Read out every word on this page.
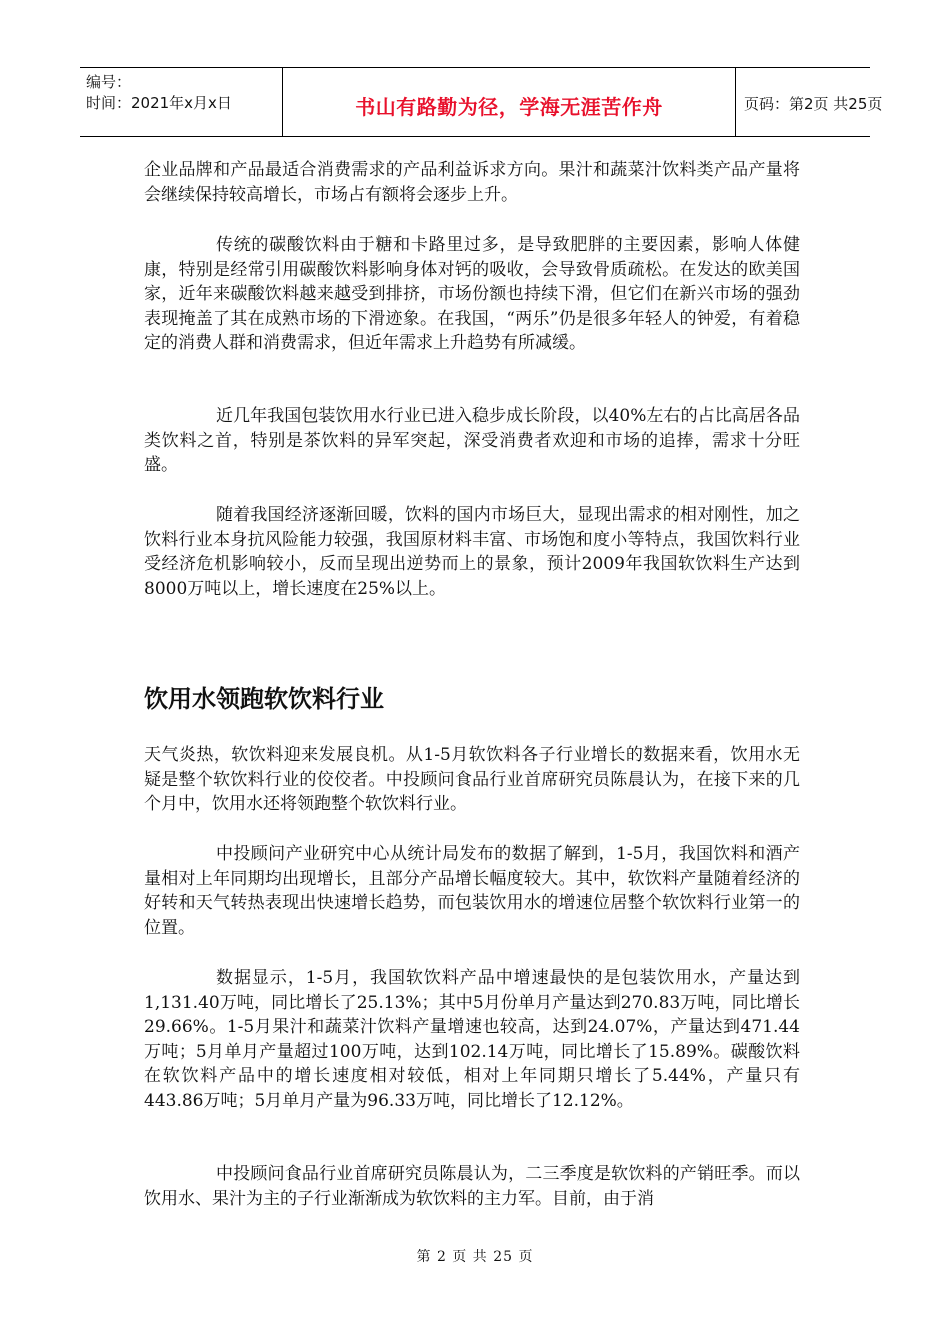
编号：
时间：2021年x月x日	书山有路勤为径，学海无涯苦作舟	页码：第2页 共25页

企业品牌和产品最适合消费需求的产品利益诉求方向。果汁和蔬菜汁饮料类产品产量将会继续保持较高增长，市场占有额将会逐步上升。

传统的碳酸饮料由于糖和卡路里过多，是导致肥胖的主要因素，影响人体健康，特别是经常引用碳酸饮料影响身体对钙的吸收，会导致骨质疏松。在发达的欧美国家，近年来碳酸饮料越来越受到排挤，市场份额也持续下滑，但它们在新兴市场的强劲表现掩盖了其在成熟市场的下滑迹象。在我国，“两乐”仍是很多年轻人的钟爱，有着稳定的消费人群和消费需求，但近年需求上升趋势有所减缓。

近几年我国包装饮用水行业已进入稳步成长阶段，以40%左右的占比高居各品类饮料之首，特别是茶饮料的异军突起，深受消费者欢迎和市场的追捧，需求十分旺盛。

随着我国经济逐渐回暖，饮料的国内市场巨大，显现出需求的相对刚性，加之饮料行业本身抗风险能力较强，我国原材料丰富、市场饱和度小等特点，我国饮料行业受经济危机影响较小，反而呈现出逆势而上的景象，预计2009年我国软饮料生产达到8000万吨以上，增长速度在25%以上。

饮用水领跑软饮料行业

天气炎热，软饮料迎来发展良机。从1-5月软饮料各子行业增长的数据来看，饮用水无疑是整个软饮料行业的佼佼者。中投顾问食品行业首席研究员陈晨认为，在接下来的几个月中，饮用水还将领跑整个软饮料行业。

中投顾问产业研究中心从统计局发布的数据了解到，1-5月，我国饮料和酒产量相对上年同期均出现增长，且部分产品增长幅度较大。其中，软饮料产量随着经济的好转和天气转热表现出快速增长趋势，而包装饮用水的增速位居整个软饮料行业第一的位置。

数据显示，1-5月，我国软饮料产品中增速最快的是包装饮用水，产量达到1,131.40万吨，同比增长了25.13%；其中5月份单月产量达到270.83万吨，同比增长29.66%。1-5月果汁和蔬菜汁饮料产量增速也较高，达到24.07%，产量达到471.44万吨；5月单月产量超过100万吨，达到102.14万吨，同比增长了15.89%。碳酸饮料在软饮料产品中的增长速度相对较低，相对上年同期只增长了5.44%，产量只有443.86万吨；5月单月产量为96.33万吨，同比增长了12.12%。

中投顾问食品行业首席研究员陈晨认为，二三季度是软饮料的产销旺季。而以饮用水、果汁为主的子行业渐渐成为软饮料的主力军。目前，由于消

第 2 页 共 25 页
